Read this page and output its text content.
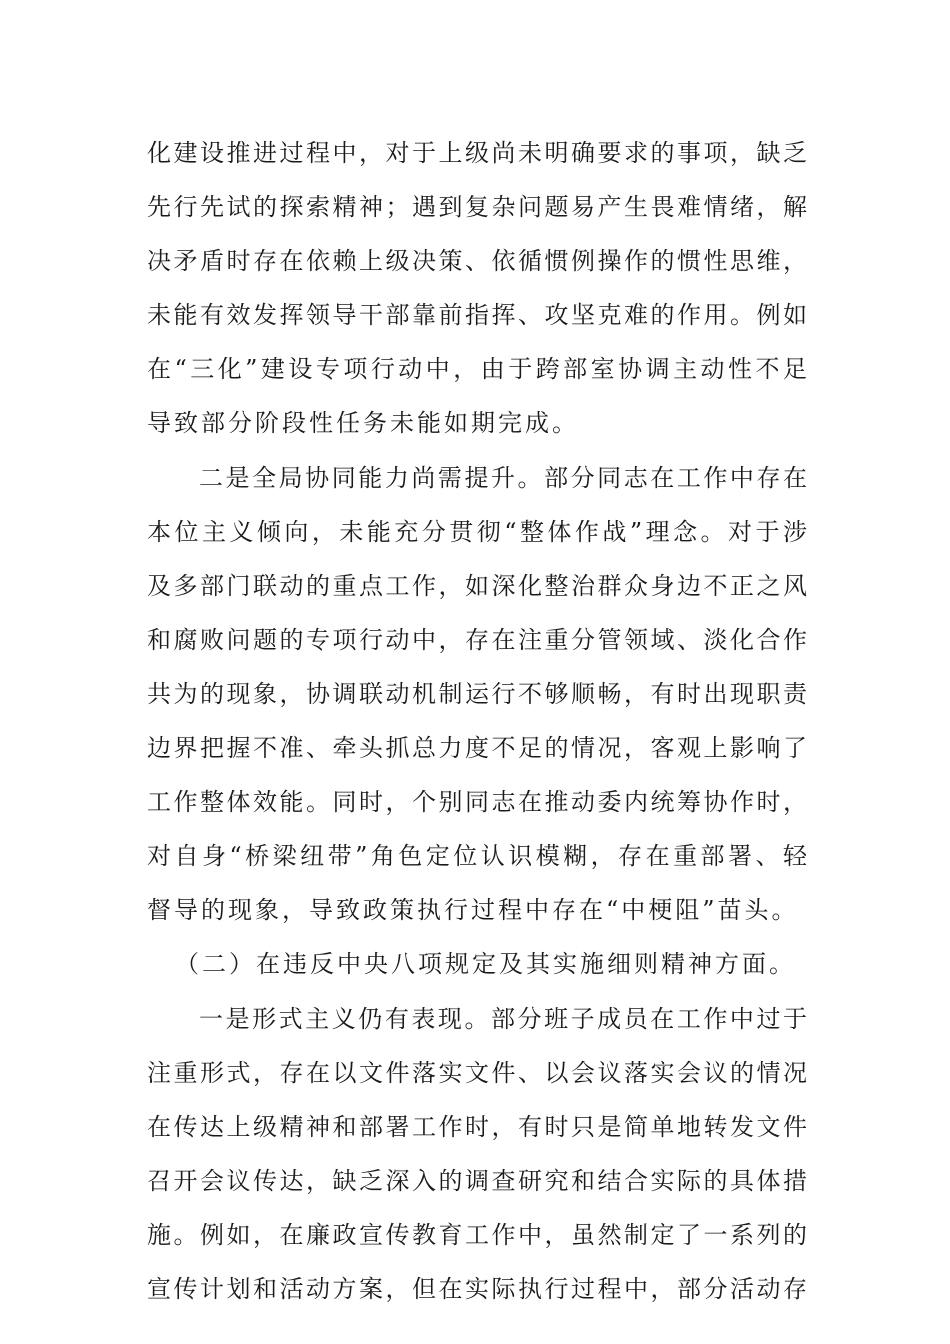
化建设推进过程中，对于上级尚未明确要求的事项，缺乏
先行先试的探索精神；遇到复杂问题易产生畏难情绪，解
决矛盾时存在依赖上级决策、依循惯例操作的惯性思维，
未能有效发挥领导干部靠前指挥、攻坚克难的作用。例如
在“三化”建设专项行动中，由于跨部室协调主动性不足
导致部分阶段性任务未能如期完成。
二是全局协同能力尚需提升。部分同志在工作中存在
本位主义倾向，未能充分贯彻“整体作战”理念。对于涉
及多部门联动的重点工作，如深化整治群众身边不正之风
和腐败问题的专项行动中，存在注重分管领域、淡化合作
共为的现象，协调联动机制运行不够顺畅，有时出现职责
边界把握不准、牵头抓总力度不足的情况，客观上影响了
工作整体效能。同时，个别同志在推动委内统筹协作时，
对自身“桥梁纽带”角色定位认识模糊，存在重部署、轻
督导的现象，导致政策执行过程中存在“中梗阻”苗头。
（二）在违反中央八项规定及其实施细则精神方面。
一是形式主义仍有表现。部分班子成员在工作中过于
注重形式，存在以文件落实文件、以会议落实会议的情况
在传达上级精神和部署工作时，有时只是简单地转发文件
召开会议传达，缺乏深入的调查研究和结合实际的具体措
施。例如，在廉政宣传教育工作中，虽然制定了一系列的
宣传计划和活动方案，但在实际执行过程中，部分活动存
